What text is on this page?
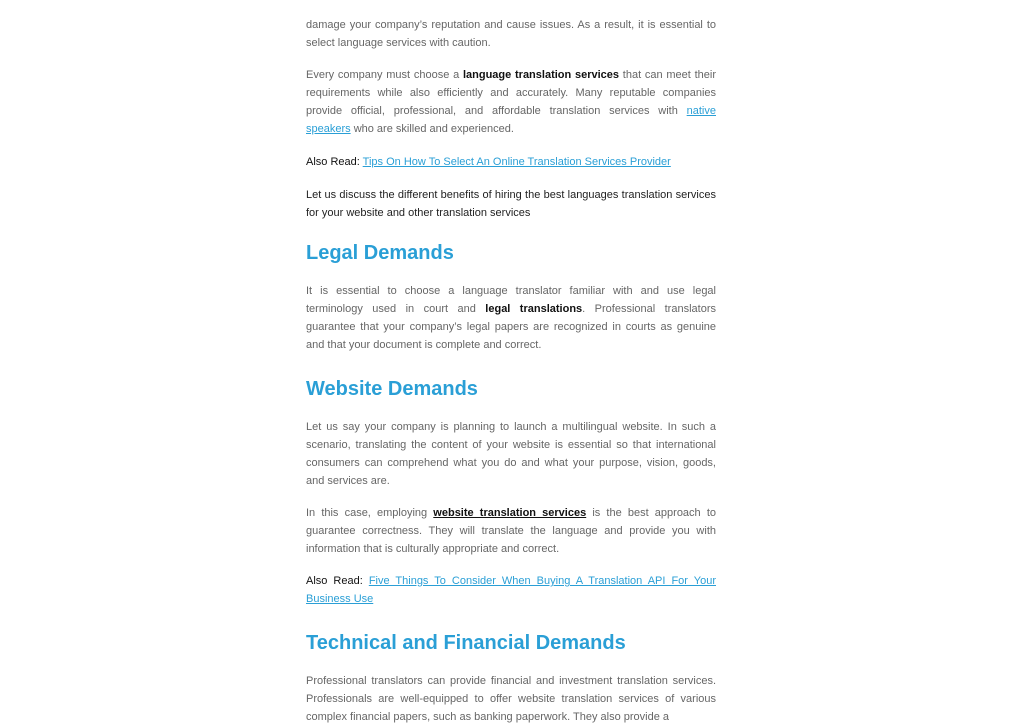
damage your company’s reputation and cause issues. As a result, it is essential to select language services with caution.

Every company must choose a language translation services that can meet their requirements while also efficiently and accurately. Many reputable companies provide official, professional, and affordable translation services with native speakers who are skilled and experienced.

Also Read: Tips On How To Select An Online Translation Services Provider

Let us discuss the different benefits of hiring the best languages translation services for your website and other translation services

Legal Demands

It is essential to choose a language translator familiar with and use legal terminology used in court and legal translations. Professional translators guarantee that your company’s legal papers are recognized in courts as genuine and that your document is complete and correct.

Website Demands

Let us say your company is planning to launch a multilingual website. In such a scenario, translating the content of your website is essential so that international consumers can comprehend what you do and what your purpose, vision, goods, and services are.

In this case, employing website translation services is the best approach to guarantee correctness. They will translate the language and provide you with information that is culturally appropriate and correct.

Also Read: Five Things To Consider When Buying A Translation API For Your Business Use

Technical and Financial Demands

Professional translators can provide financial and investment translation services. Professionals are well-equipped to offer website translation services of various complex financial papers, such as banking paperwork. They also provide a
